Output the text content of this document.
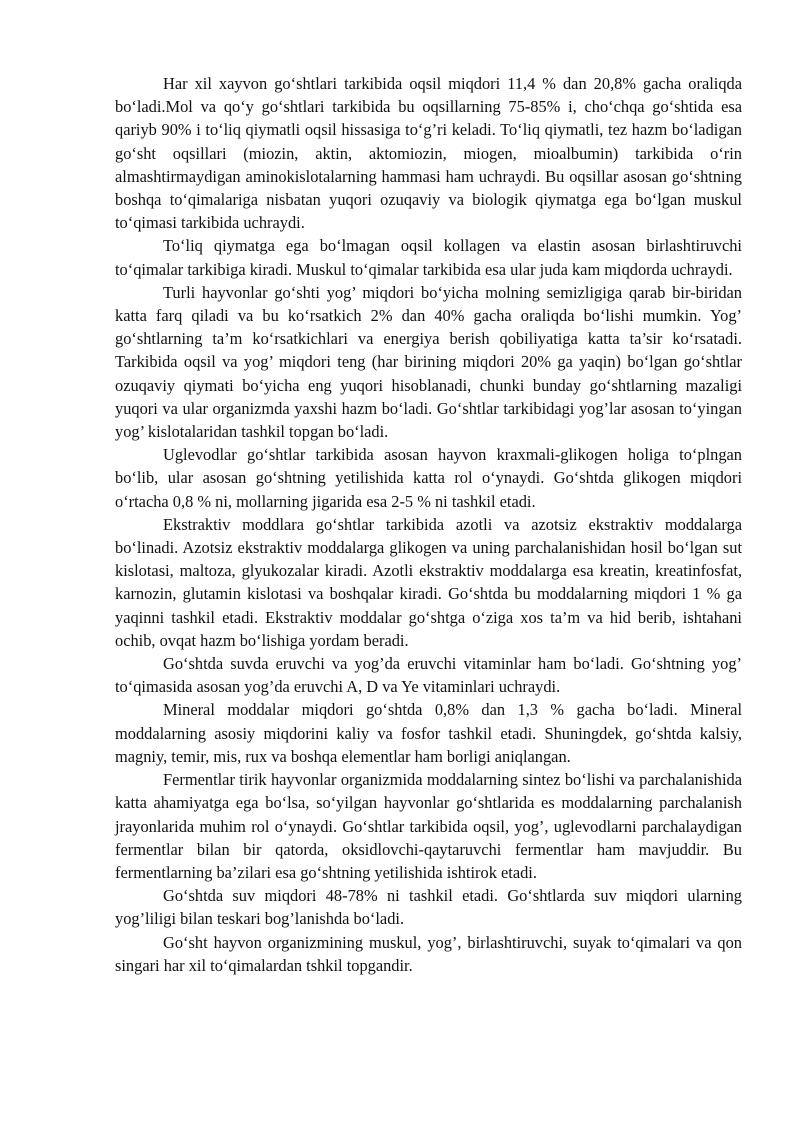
Har xil xayvon go‘shtlari tarkibida oqsil miqdori 11,4 % dan 20,8% gacha oraliqda bo‘ladi.Mol va qo‘y go‘shtlari tarkibida bu oqsillarning 75-85% i, cho‘chqa go‘shtida esa qariyb 90% i to‘liq qiymatli oqsil hissasiga to‘g’ri keladi. To‘liq qiymatli, tez hazm bo‘ladigan go‘sht oqsillari (miozin, aktin, aktomiozin, miogen, mioalbumin) tarkibida o‘rin almashtirmaydigan aminokislotalarning hammasi ham uchraydi. Bu oqsillar asosan go‘shtning boshqa to‘qimalariga nisbatan yuqori ozuqaviy va biologik qiymatga ega bo‘lgan muskul to‘qimasi tarkibida uchraydi.

To‘liq qiymatga ega bo‘lmagan oqsil kollagen va elastin asosan birlashtiruvchi to‘qimalar tarkibiga kiradi. Muskul to‘qimalar tarkibida esa ular juda kam miqdorda uchraydi.

Turli hayvonlar go‘shti yog’ miqdori bo‘yicha molning semizligiga qarab bir-biridan katta farq qiladi va bu ko‘rsatkich 2% dan 40% gacha oraliqda bo‘lishi mumkin. Yog’ go‘shtlarning ta’m ko‘rsatkichlari va energiya berish qobiliyatiga katta ta’sir ko‘rsatadi. Tarkibida oqsil va yog’ miqdori teng (har birining miqdori 20% ga yaqin) bo‘lgan go‘shtlar ozuqaviy qiymati bo‘yicha eng yuqori hisoblanadi, chunki bunday go‘shtlarning mazaligi yuqori va ular organizmda yaxshi hazm bo‘ladi. Go‘shtlar tarkibidagi yog’lar asosan to‘yingan yog’ kislotalaridan tashkil topgan bo‘ladi.

Uglevodlar go‘shtlar tarkibida asosan hayvon kraxmali-glikogen holiga to‘plngan bo‘lib, ular asosan go‘shtning yetilishida katta rol o‘ynaydi. Go‘shtda glikogen miqdori o‘rtacha 0,8 % ni, mollarning jigarida esa 2-5 % ni tashkil etadi.

Ekstraktiv moddlara go‘shtlar tarkibida azotli va azotsiz ekstraktiv moddalarga bo‘linadi. Azotsiz ekstraktiv moddalarga glikogen va uning parchalanishidan hosil bo‘lgan sut kislotasi, maltoza, glyukozalar kiradi. Azotli ekstraktiv moddalarga esa kreatin, kreatinfosfat, karnozin, glutamin kislotasi va boshqalar kiradi. Go‘shtda bu moddalarning miqdori 1 % ga yaqinni tashkil etadi. Ekstraktiv moddalar go‘shtga o‘ziga xos ta’m va hid berib, ishtahani ochib, ovqat hazm bo‘lishiga yordam beradi.

Go‘shtda suvda eruvchi va yog’da eruvchi vitaminlar ham bo‘ladi. Go‘shtning yog’ to‘qimasida asosan yog’da eruvchi A, D va Ye vitaminlari uchraydi.

Mineral moddalar miqdori go‘shtda 0,8% dan 1,3 % gacha bo‘ladi. Mineral moddalarning asosiy miqdorini kaliy va fosfor tashkil etadi. Shuningdek, go‘shtda kalsiy, magniy, temir, mis, rux va boshqa elementlar ham borligi aniqlangan.

Fermentlar tirik hayvonlar organizmida moddalarning sintez bo‘lishi va parchalanishida katta ahamiyatga ega bo‘lsa, so‘yilgan hayvonlar go‘shtlarida es moddalarning parchalanish jrayonlarida muhim rol o‘ynaydi. Go‘shtlar tarkibida oqsil, yog’, uglevodlarni parchalaydigan fermentlar bilan bir qatorda, oksidlovchi-qaytaruvchi fermentlar ham mavjuddir. Bu fermentlarning ba’zilari esa go‘shtning yetilishida ishtirok etadi.

Go‘shtda suv miqdori 48-78% ni tashkil etadi. Go‘shtlarda suv miqdori ularning yog’liligi bilan teskari bog’lanishda bo‘ladi.

Go‘sht hayvon organizmining muskul, yog’, birlashtiruvchi, suyak to‘qimalari va qon singari har xil to‘qimalardan tshkil topgandir.
